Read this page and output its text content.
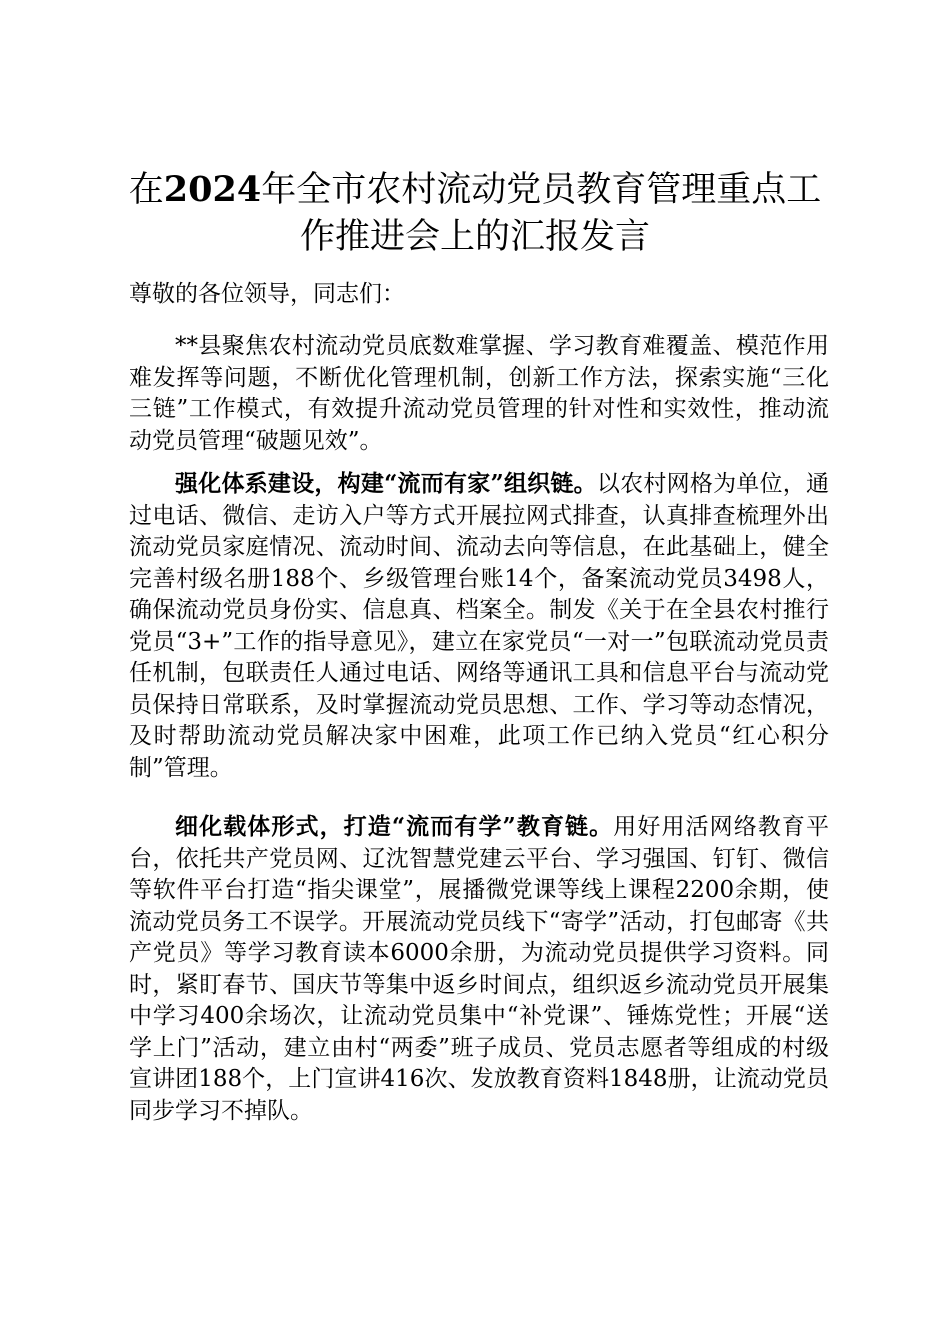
在2024年全市农村流动党员教育管理重点工作推进会上的汇报发言

尊敬的各位领导，同志们：

**县聚焦农村流动党员底数难掌握、学习教育难覆盖、模范作用难发挥等问题，不断优化管理机制，创新工作方法，探索实施“三化三链”工作模式，有效提升流动党员管理的针对性和实效性，推动流动党员管理“破题见效”。

强化体系建设，构建“流而有家”组织链。以农村网格为单位，通过电话、微信、走访入户等方式开展拉网式排查，认真排查梳理外出流动党员家庭情况、流动时间、流动去向等信息，在此基础上，健全完善村级名册188个、乡级管理台账14个，备案流动党员3498人，确保流动党员身份实、信息真、档案全。制发《关于在全县农村推行党员“3+”工作的指导意见》，建立在家党员“一对一”包联流动党员责任机制，包联责任人通过电话、网络等通讯工具和信息平台与流动党员保持日常联系，及时掌握流动党员思想、工作、学习等动态情况，及时帮助流动党员解决家中困难，此项工作已纳入党员“红心积分制”管理。

细化载体形式，打造“流而有学”教育链。用好用活网络教育平台，依托共产党员网、辽沈智慧党建云平台、学习强国、钉钉、微信等软件平台打造“指尖课堂”，展播微党课等线上课程2200余期，使流动党员务工不误学。开展流动党员线下“寄学”活动，打包邮寄《共产党员》等学习教育读本6000余册，为流动党员提供学习资料。同时，紧盯春节、国庆节等集中返乡时间点，组织返乡流动党员开展集中学习400余场次，让流动党员集中“补党课”、锤炼党性；开展“送学上门”活动，建立由村“两委”班子成员、党员志愿者等组成的村级宣讲团188个，上门宣讲416次、发放教育资料1848册，让流动党员同步学习不掉队。
